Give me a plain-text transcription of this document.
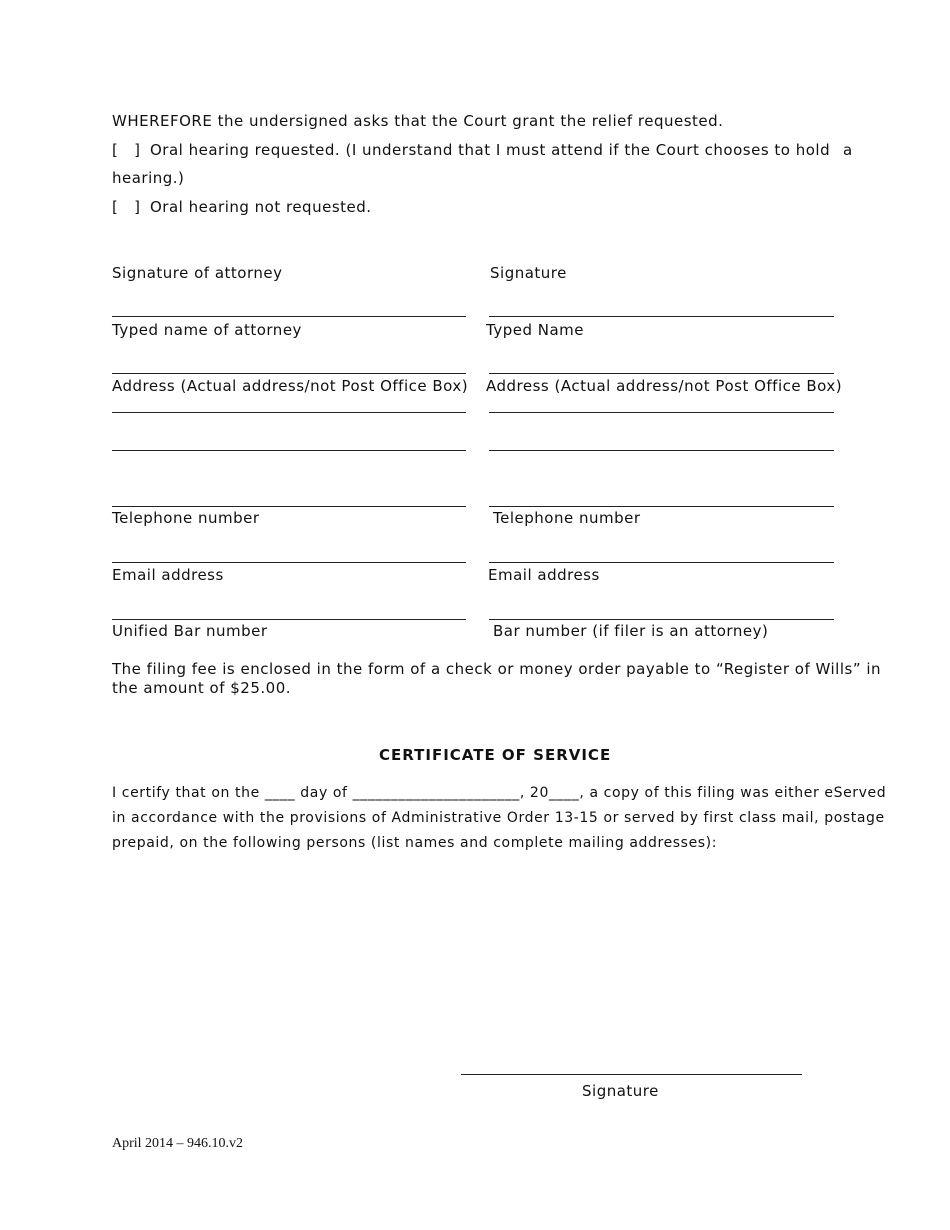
WHEREFORE the undersigned asks that the Court grant the relief requested.
[   ] Oral hearing requested. (I understand that I must attend if the Court chooses to hold a
hearing.)
[   ] Oral hearing not requested.
Signature of attorney
Typed name of attorney
Address (Actual address/not Post Office Box)
Telephone number
Email address
Unified Bar number
Signature
Typed Name
Address (Actual address/not Post Office Box)
Telephone number
Email address
Bar number (if filer is an attorney)
The filing fee is enclosed in the form of a check or money order payable to “Register of Wills” in
the amount of $25.00.
CERTIFICATE OF SERVICE
I certify that on the ____ day of ______________________, 20____, a copy of this filing was either eServed
in accordance with the provisions of Administrative Order 13-15 or served by first class mail, postage
prepaid, on the following persons (list names and complete mailing addresses):
Signature
April 2014 – 946.10.v2
